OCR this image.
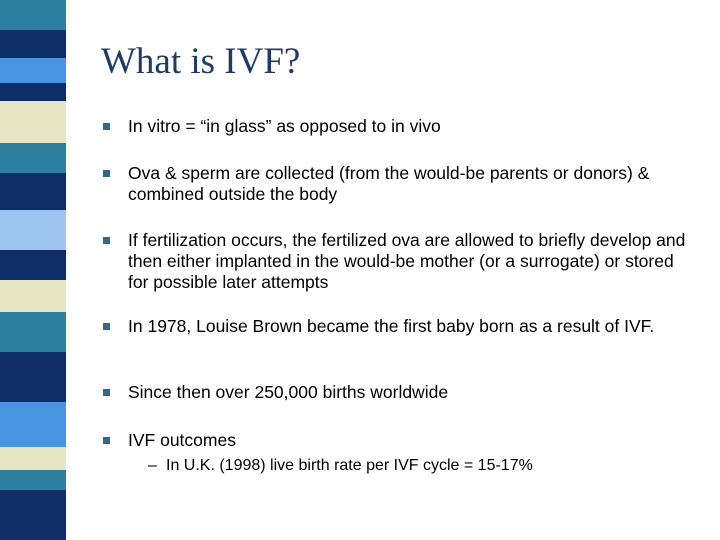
What is IVF?
In vitro = “in glass” as opposed to in vivo
Ova & sperm are collected (from the would-be parents or donors) & combined outside the body
If fertilization occurs, the fertilized ova are allowed to briefly develop and then either implanted in the would-be mother (or a surrogate) or stored for possible later attempts
In 1978, Louise Brown became the first baby born as a result of IVF.
Since then over 250,000 births worldwide
IVF outcomes
– In U.K. (1998) live birth rate per IVF cycle = 15-17%
